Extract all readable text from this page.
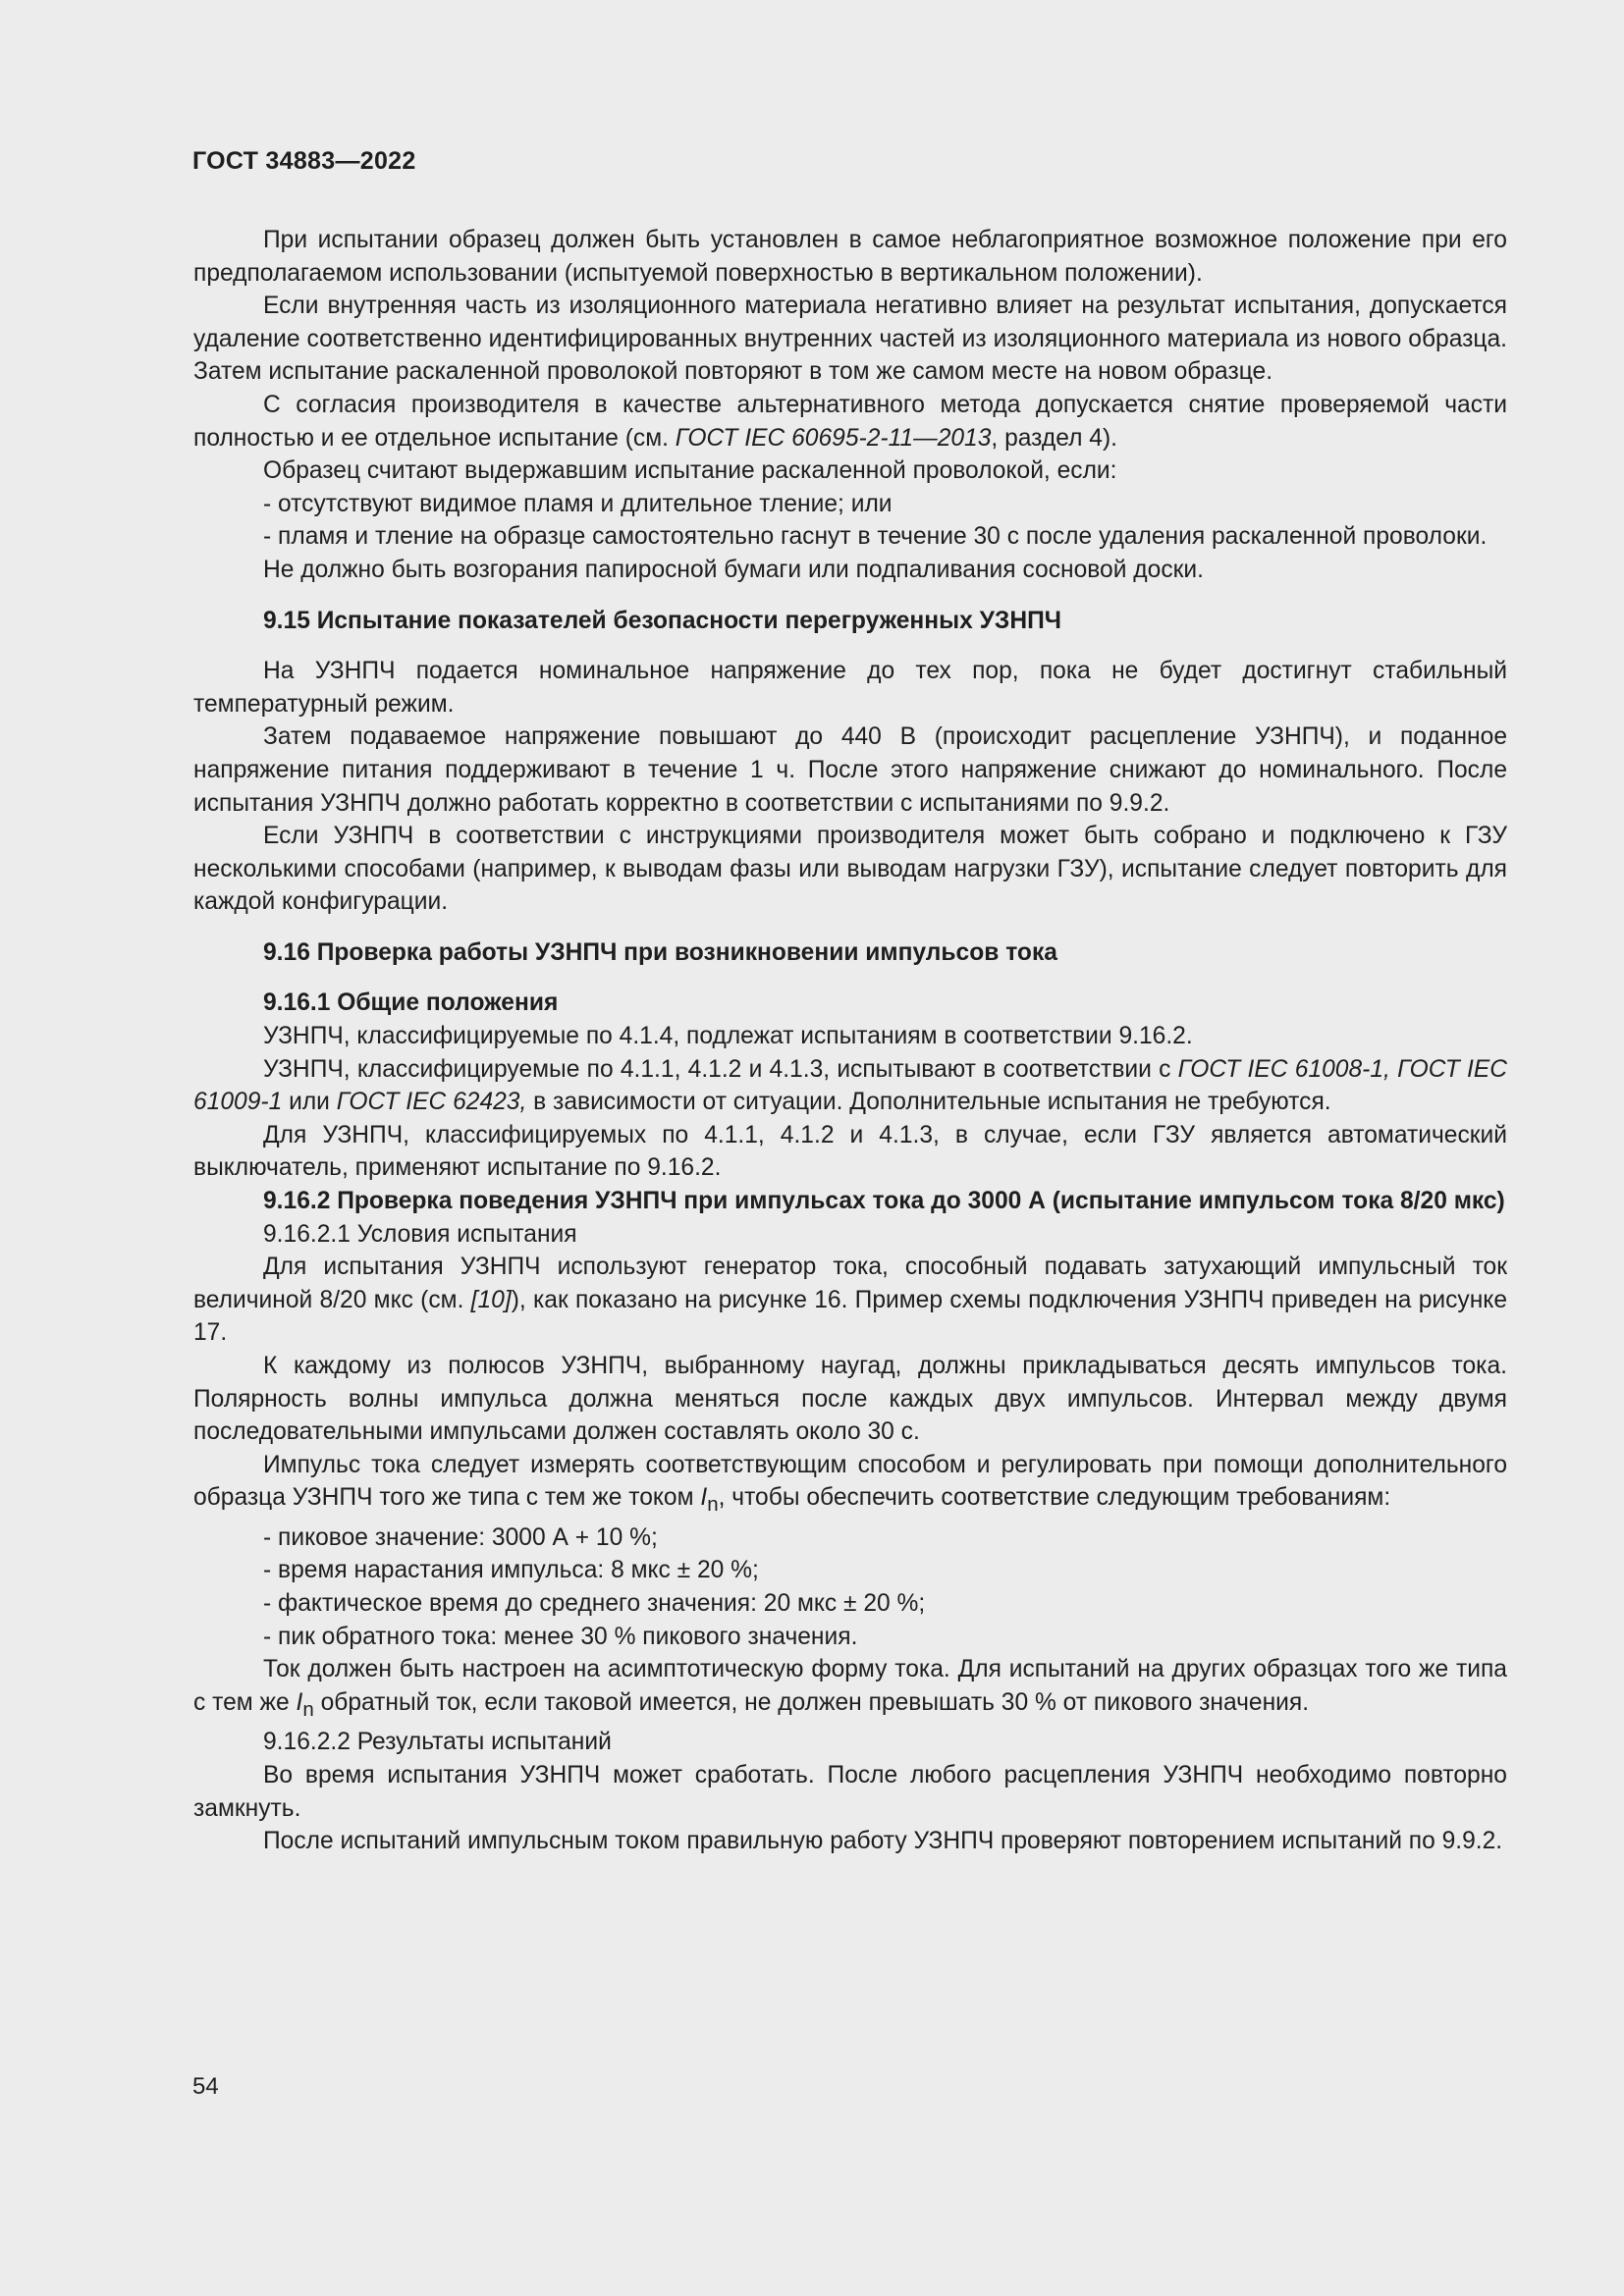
ГОСТ 34883—2022

При испытании образец должен быть установлен в самое неблагоприятное возможное положение при его предполагаемом использовании (испытуемой поверхностью в вертикальном положении).

Если внутренняя часть из изоляционного материала негативно влияет на результат испытания, допускается удаление соответственно идентифицированных внутренних частей из изоляционного материала из нового образца. Затем испытание раскаленной проволокой повторяют в том же самом месте на новом образце.

С согласия производителя в качестве альтернативного метода допускается снятие проверяемой части полностью и ее отдельное испытание (см. ГОСТ IEC 60695-2-11—2013, раздел 4).

Образец считают выдержавшим испытание раскаленной проволокой, если:

- отсутствуют видимое пламя и длительное тление; или

- пламя и тление на образце самостоятельно гаснут в течение 30 с после удаления раскаленной проволоки.

Не должно быть возгорания папиросной бумаги или подпаливания сосновой доски.

9.15 Испытание показателей безопасности перегруженных УЗНПЧ

На УЗНПЧ подается номинальное напряжение до тех пор, пока не будет достигнут стабильный температурный режим.

Затем подаваемое напряжение повышают до 440 В (происходит расцепление УЗНПЧ), и поданное напряжение питания поддерживают в течение 1 ч. После этого напряжение снижают до номинального. После испытания УЗНПЧ должно работать корректно в соответствии с испытаниями по 9.9.2.

Если УЗНПЧ в соответствии с инструкциями производителя может быть собрано и подключено к ГЗУ несколькими способами (например, к выводам фазы или выводам нагрузки ГЗУ), испытание следует повторить для каждой конфигурации.

9.16 Проверка работы УЗНПЧ при возникновении импульсов тока
9.16.1 Общие положения

УЗНПЧ, классифицируемые по 4.1.4, подлежат испытаниям в соответствии 9.16.2.

УЗНПЧ, классифицируемые по 4.1.1, 4.1.2 и 4.1.3, испытывают в соответствии с ГОСТ IEC 61008-1, ГОСТ IEC 61009-1 или ГОСТ IEC 62423, в зависимости от ситуации. Дополнительные испытания не требуются.

Для УЗНПЧ, классифицируемых по 4.1.1, 4.1.2 и 4.1.3, в случае, если ГЗУ является автоматический выключатель, применяют испытание по 9.16.2.

9.16.2 Проверка поведения УЗНПЧ при импульсах тока до 3000 А (испытание импульсом тока 8/20 мкс)

9.16.2.1 Условия испытания

Для испытания УЗНПЧ используют генератор тока, способный подавать затухающий импульсный ток величиной 8/20 мкс (см. [10]), как показано на рисунке 16. Пример схемы подключения УЗНПЧ приведен на рисунке 17.

К каждому из полюсов УЗНПЧ, выбранному наугад, должны прикладываться десять импульсов тока. Полярность волны импульса должна меняться после каждых двух импульсов. Интервал между двумя последовательными импульсами должен составлять около 30 с.

Импульс тока следует измерять соответствующим способом и регулировать при помощи дополнительного образца УЗНПЧ того же типа с тем же током $I_n$, чтобы обеспечить соответствие следующим требованиям:

- пиковое значение: 3000 А + 10 %;

- время нарастания импульса: 8 мкс ± 20 %;

- фактическое время до среднего значения: 20 мкс ± 20 %;

- пик обратного тока: менее 30 % пикового значения.

Ток должен быть настроен на асимптотическую форму тока. Для испытаний на других образцах того же типа с тем же $I_n$ обратный ток, если таковой имеется, не должен превышать 30 % от пикового значения.

9.16.2.2 Результаты испытаний

Во время испытания УЗНПЧ может сработать. После любого расцепления УЗНПЧ необходимо повторно замкнуть.

После испытаний импульсным током правильную работу УЗНПЧ проверяют повторением испытаний по 9.9.2.

54
